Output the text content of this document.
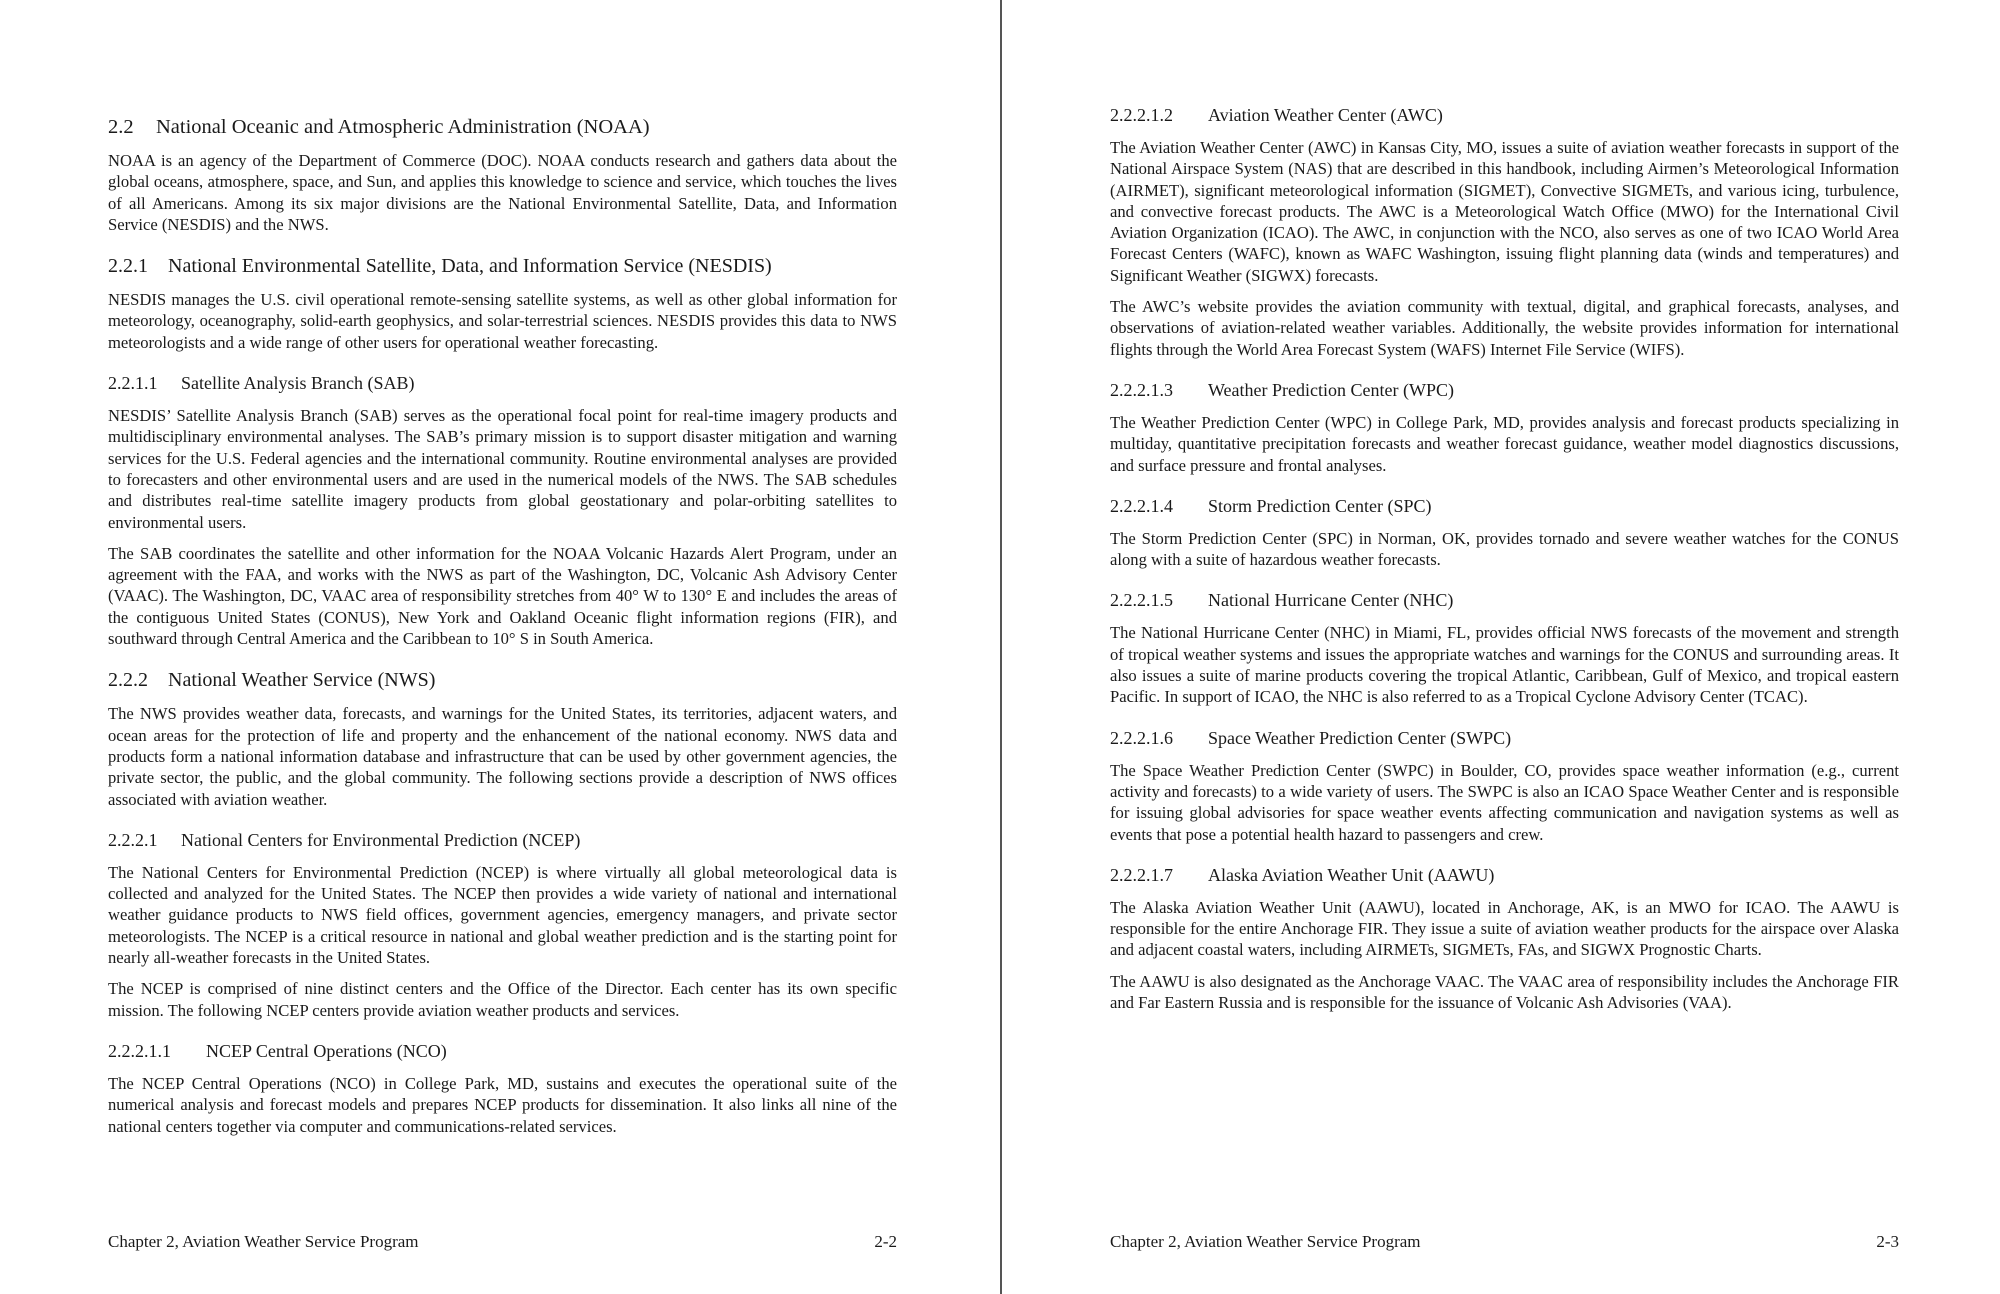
2.2 National Oceanic and Atmospheric Administration (NOAA)

NOAA is an agency of the Department of Commerce (DOC). NOAA conducts research and gathers data about the global oceans, atmosphere, space, and Sun, and applies this knowledge to science and service, which touches the lives of all Americans. Among its six major divisions are the National Environmental Satellite, Data, and Information Service (NESDIS) and the NWS.

2.2.1 National Environmental Satellite, Data, and Information Service (NESDIS)

NESDIS manages the U.S. civil operational remote-sensing satellite systems, as well as other global information for meteorology, oceanography, solid-earth geophysics, and solar-terrestrial sciences. NESDIS provides this data to NWS meteorologists and a wide range of other users for operational weather forecasting.

2.2.1.1 Satellite Analysis Branch (SAB)

NESDIS’ Satellite Analysis Branch (SAB) serves as the operational focal point for real-time imagery products and multidisciplinary environmental analyses. The SAB’s primary mission is to support disaster mitigation and warning services for the U.S. Federal agencies and the international community. Routine environmental analyses are provided to forecasters and other environmental users and are used in the numerical models of the NWS. The SAB schedules and distributes real-time satellite imagery products from global geostationary and polar-orbiting satellites to environmental users.

The SAB coordinates the satellite and other information for the NOAA Volcanic Hazards Alert Program, under an agreement with the FAA, and works with the NWS as part of the Washington, DC, Volcanic Ash Advisory Center (VAAC). The Washington, DC, VAAC area of responsibility stretches from 40° W to 130° E and includes the areas of the contiguous United States (CONUS), New York and Oakland Oceanic flight information regions (FIR), and southward through Central America and the Caribbean to 10° S in South America.

2.2.2 National Weather Service (NWS)

The NWS provides weather data, forecasts, and warnings for the United States, its territories, adjacent waters, and ocean areas for the protection of life and property and the enhancement of the national economy. NWS data and products form a national information database and infrastructure that can be used by other government agencies, the private sector, the public, and the global community. The following sections provide a description of NWS offices associated with aviation weather.

2.2.2.1 National Centers for Environmental Prediction (NCEP)

The National Centers for Environmental Prediction (NCEP) is where virtually all global meteorological data is collected and analyzed for the United States. The NCEP then provides a wide variety of national and international weather guidance products to NWS field offices, government agencies, emergency managers, and private sector meteorologists. The NCEP is a critical resource in national and global weather prediction and is the starting point for nearly all-weather forecasts in the United States.

The NCEP is comprised of nine distinct centers and the Office of the Director. Each center has its own specific mission. The following NCEP centers provide aviation weather products and services.

2.2.2.1.1 NCEP Central Operations (NCO)

The NCEP Central Operations (NCO) in College Park, MD, sustains and executes the operational suite of the numerical analysis and forecast models and prepares NCEP products for dissemination. It also links all nine of the national centers together via computer and communications-related services.

Chapter 2, Aviation Weather Service Program	2-2
2.2.2.1.2 Aviation Weather Center (AWC)

The Aviation Weather Center (AWC) in Kansas City, MO, issues a suite of aviation weather forecasts in support of the National Airspace System (NAS) that are described in this handbook, including Airmen’s Meteorological Information (AIRMET), significant meteorological information (SIGMET), Convective SIGMETs, and various icing, turbulence, and convective forecast products. The AWC is a Meteorological Watch Office (MWO) for the International Civil Aviation Organization (ICAO). The AWC, in conjunction with the NCO, also serves as one of two ICAO World Area Forecast Centers (WAFC), known as WAFC Washington, issuing flight planning data (winds and temperatures) and Significant Weather (SIGWX) forecasts.

The AWC’s website provides the aviation community with textual, digital, and graphical forecasts, analyses, and observations of aviation-related weather variables. Additionally, the website provides information for international flights through the World Area Forecast System (WAFS) Internet File Service (WIFS).

2.2.2.1.3 Weather Prediction Center (WPC)

The Weather Prediction Center (WPC) in College Park, MD, provides analysis and forecast products specializing in multiday, quantitative precipitation forecasts and weather forecast guidance, weather model diagnostics discussions, and surface pressure and frontal analyses.

2.2.2.1.4 Storm Prediction Center (SPC)

The Storm Prediction Center (SPC) in Norman, OK, provides tornado and severe weather watches for the CONUS along with a suite of hazardous weather forecasts.

2.2.2.1.5 National Hurricane Center (NHC)

The National Hurricane Center (NHC) in Miami, FL, provides official NWS forecasts of the movement and strength of tropical weather systems and issues the appropriate watches and warnings for the CONUS and surrounding areas. It also issues a suite of marine products covering the tropical Atlantic, Caribbean, Gulf of Mexico, and tropical eastern Pacific. In support of ICAO, the NHC is also referred to as a Tropical Cyclone Advisory Center (TCAC).

2.2.2.1.6 Space Weather Prediction Center (SWPC)

The Space Weather Prediction Center (SWPC) in Boulder, CO, provides space weather information (e.g., current activity and forecasts) to a wide variety of users. The SWPC is also an ICAO Space Weather Center and is responsible for issuing global advisories for space weather events affecting communication and navigation systems as well as events that pose a potential health hazard to passengers and crew.

2.2.2.1.7 Alaska Aviation Weather Unit (AAWU)

The Alaska Aviation Weather Unit (AAWU), located in Anchorage, AK, is an MWO for ICAO. The AAWU is responsible for the entire Anchorage FIR. They issue a suite of aviation weather products for the airspace over Alaska and adjacent coastal waters, including AIRMETs, SIGMETs, FAs, and SIGWX Prognostic Charts.

The AAWU is also designated as the Anchorage VAAC. The VAAC area of responsibility includes the Anchorage FIR and Far Eastern Russia and is responsible for the issuance of Volcanic Ash Advisories (VAA).

Chapter 2, Aviation Weather Service Program	2-3
